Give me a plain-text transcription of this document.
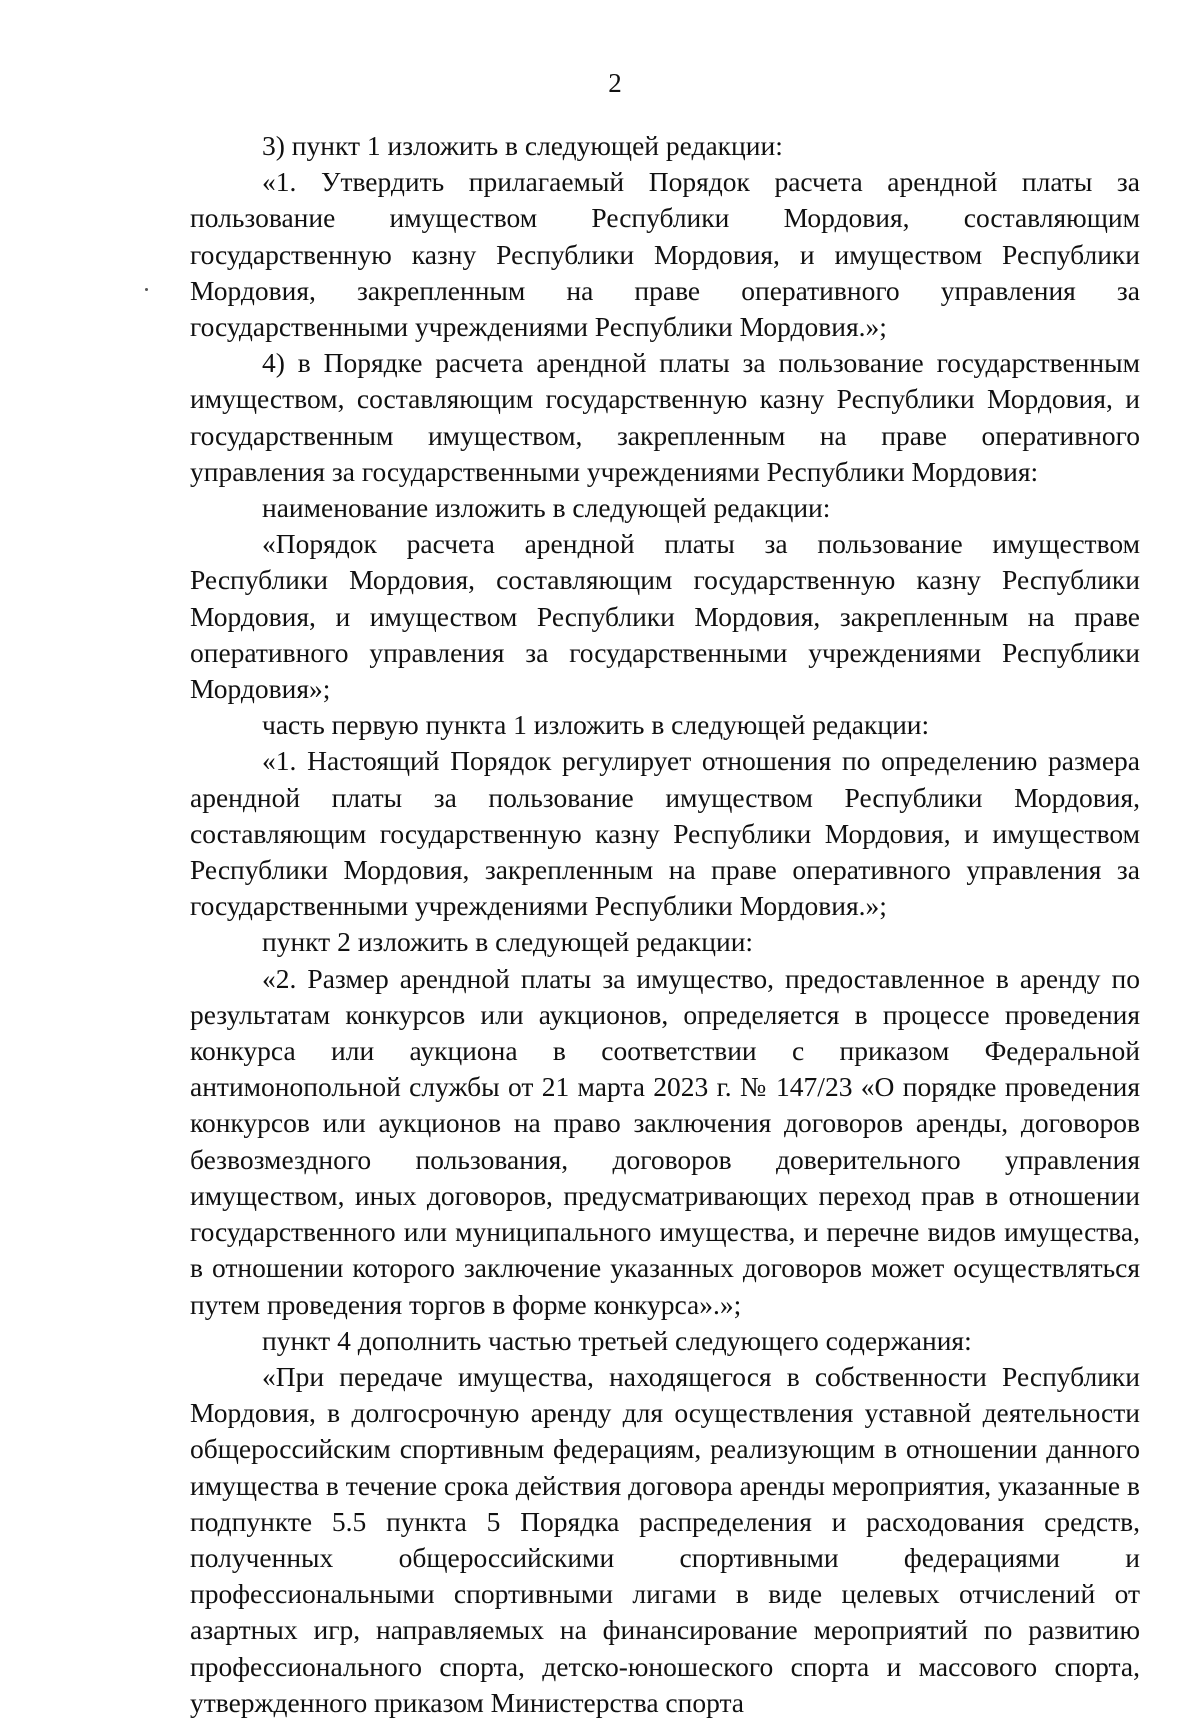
2

3) пункт 1 изложить в следующей редакции:

«1. Утвердить прилагаемый Порядок расчета арендной платы за пользование имуществом Республики Мордовия, составляющим государственную казну Республики Мордовия, и имуществом Республики Мордовия, закрепленным на праве оперативного управления за государственными учреждениями Республики Мордовия.»;

4) в Порядке расчета арендной платы за пользование государственным имуществом, составляющим государственную казну Республики Мордовия, и государственным имуществом, закрепленным на праве оперативного управления за государственными учреждениями Республики Мордовия:

наименование изложить в следующей редакции:

«Порядок расчета арендной платы за пользование имуществом Республики Мордовия, составляющим государственную казну Республики Мордовия, и имуществом Республики Мордовия, закрепленным на праве оперативного управления за государственными учреждениями Республики Мордовия»;

часть первую пункта 1 изложить в следующей редакции:

«1. Настоящий Порядок регулирует отношения по определению размера арендной платы за пользование имуществом Республики Мордовия, составляющим государственную казну Республики Мордовия, и имуществом Республики Мордовия, закрепленным на праве оперативного управления за государственными учреждениями Республики Мордовия.»;

пункт 2 изложить в следующей редакции:

«2. Размер арендной платы за имущество, предоставленное в аренду по результатам конкурсов или аукционов, определяется в процессе проведения конкурса или аукциона в соответствии с приказом Федеральной антимонопольной службы от 21 марта 2023 г. № 147/23 «О порядке проведения конкурсов или аукционов на право заключения договоров аренды, договоров безвозмездного пользования, договоров доверительного управления имуществом, иных договоров, предусматривающих переход прав в отношении государственного или муниципального имущества, и перечне видов имущества, в отношении которого заключение указанных договоров может осуществляться путем проведения торгов в форме конкурса».»;

пункт 4 дополнить частью третьей следующего содержания:

«При передаче имущества, находящегося в собственности Республики Мордовия, в долгосрочную аренду для осуществления уставной деятельности общероссийским спортивным федерациям, реализующим в отношении данного имущества в течение срока действия договора аренды мероприятия, указанные в подпункте 5.5 пункта 5 Порядка распределения и расходования средств, полученных общероссийскими спортивными федерациями и профессиональными спортивными лигами в виде целевых отчислений от азартных игр, направляемых на финансирование мероприятий по развитию профессионального спорта, детско-юношеского спорта и массового спорта, утвержденного приказом Министерства спорта
